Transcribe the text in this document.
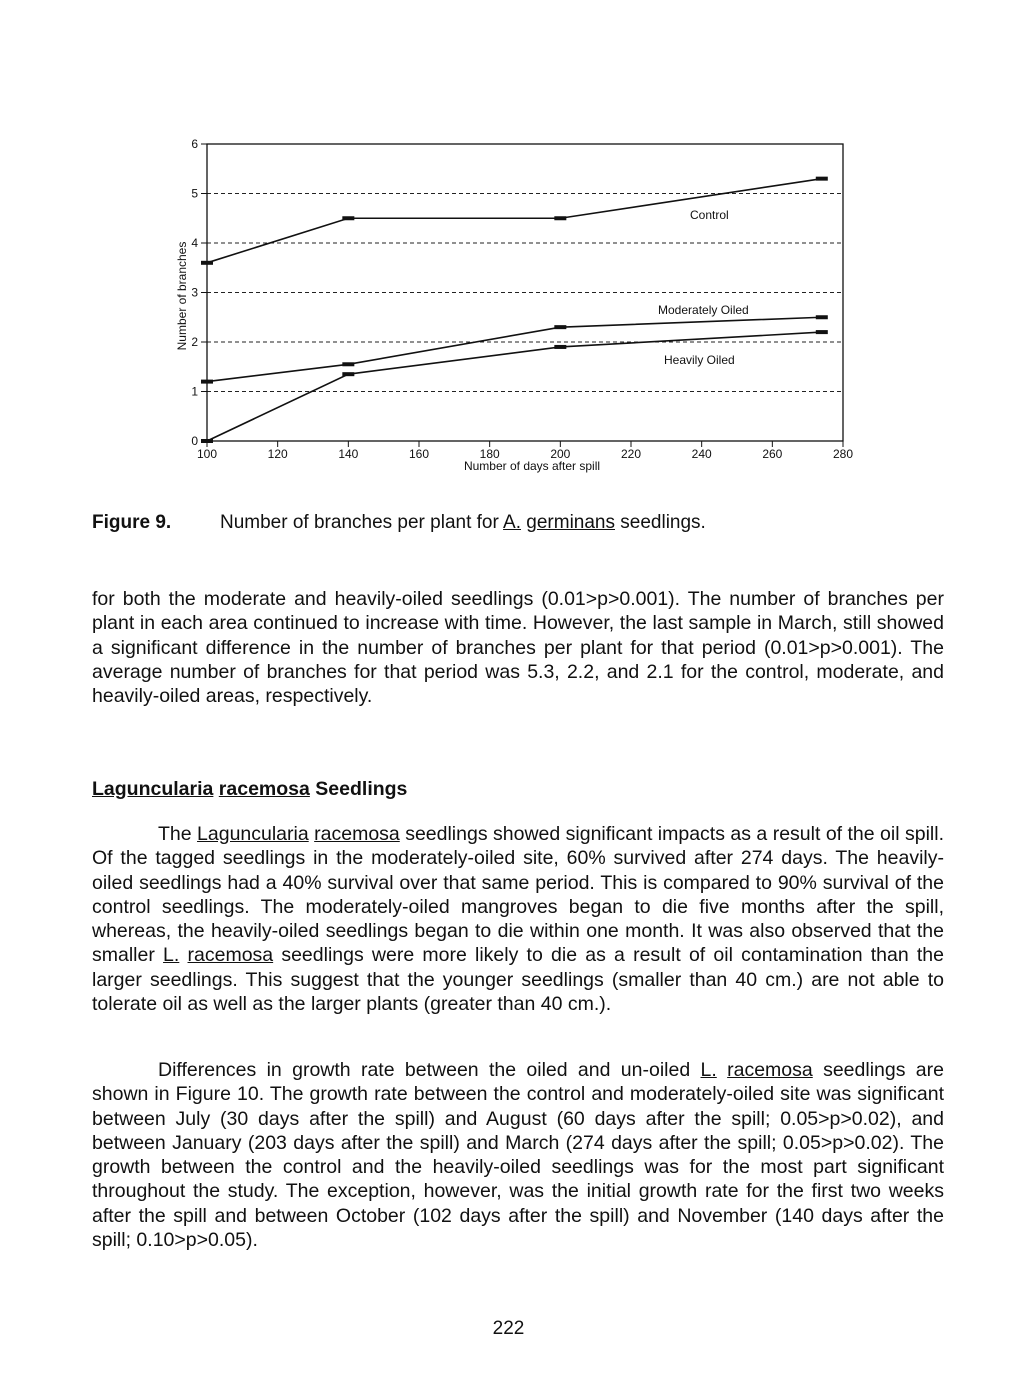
0
1
2
3
4
5
6
100	120	140	160	180	200	220	240	260	280
Control
Moderately Oiled
Heavily Oiled
Number of days after spill
Number of branches
Figure 9.	Number of branches per plant for A. germinans seedlings.

for both the moderate and heavily-oiled seedlings (0.01>p>0.001). The number of branches per plant in each area continued to increase with time. However, the last sample in March, still showed a significant difference in the number of branches per plant for that period (0.01>p>0.001). The average number of branches for that period was 5.3, 2.2, and 2.1 for the control, moderate, and heavily-oiled areas, respectively.

Laguncularia racemosa Seedlings

The Laguncularia racemosa seedlings showed significant impacts as a result of the oil spill. Of the tagged seedlings in the moderately-oiled site, 60% survived after 274 days. The heavily-oiled seedlings had a 40% survival over that same period. This is compared to 90% survival of the control seedlings. The moderately-oiled mangroves began to die five months after the spill, whereas, the heavily-oiled seedlings began to die within one month. It was also observed that the smaller L. racemosa seedlings were more likely to die as a result of oil contamination than the larger seedlings. This suggest that the younger seedlings (smaller than 40 cm.) are not able to tolerate oil as well as the larger plants (greater than 40 cm.).

Differences in growth rate between the oiled and un-oiled L. racemosa seedlings are shown in Figure 10. The growth rate between the control and moderately-oiled site was significant between July (30 days after the spill) and August (60 days after the spill; 0.05>p>0.02), and between January (203 days after the spill) and March (274 days after the spill; 0.05>p>0.02). The growth between the control and the heavily-oiled seedlings was for the most part significant throughout the study. The exception, however, was the initial growth rate for the first two weeks after the spill and between October (102 days after the spill) and November (140 days after the spill; 0.10>p>0.05).

222
